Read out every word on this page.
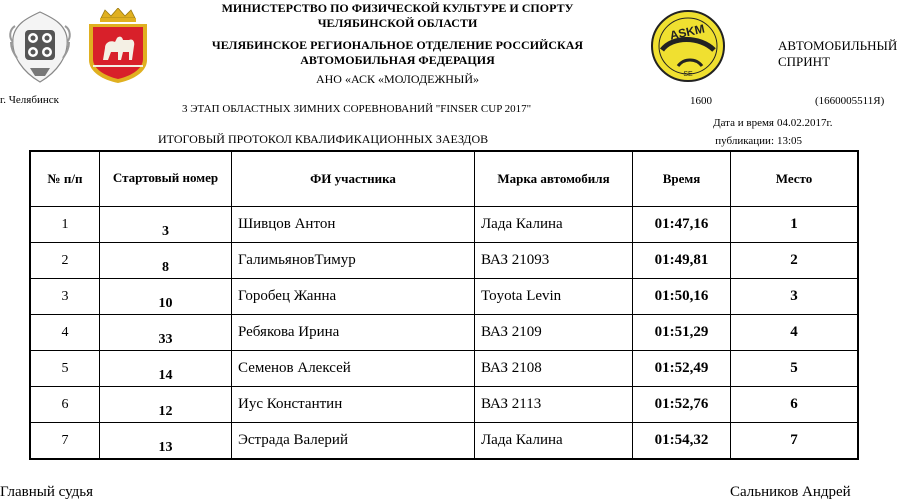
ASKM
SE
МИНИСТЕРСТВО ПО ФИЗИЧЕСКОЙ КУЛЬТУРЕ И СПОРТУ
ЧЕЛЯБИНСКОЙ ОБЛАСТИ
ЧЕЛЯБИНСКОЕ РЕГИОНАЛЬНОЕ ОТДЕЛЕНИЕ РОССИЙСКАЯ
АВТОМОБИЛЬНАЯ ФЕДЕРАЦИЯ
АНО «АСК «МОЛОДЕЖНЫЙ»
АВТОМОБИЛЬНЫЙ
СПРИНТ
г. Челябинск
3 ЭТАП ОБЛАСТНЫХ ЗИМНИХ СОРЕВНОВАНИЙ "FINSER CUP 2017"
1600	(1660005511Я)
Дата и время
публикации:
04.02.2017г.
13:05
ИТОГОВЫЙ ПРОТОКОЛ КВАЛИФИКАЦИОННЫХ ЗАЕЗДОВ
№ п/п	Стартовый номер	ФИ участника	Марка автомобиля	Время	Место
1	3	Шивцов Антон	Лада Калина	01:47,16	1
2	8	ГалимьяновТимур	ВАЗ 21093	01:49,81	2
3	10	Горобец Жанна	Toyota Levin	01:50,16	3
4	33	Ребякова Ирина	ВАЗ 2109	01:51,29	4
5	14	Семенов Алексей	ВАЗ 2108	01:52,49	5
6	12	Иус Константин	ВАЗ 2113	01:52,76	6
7	13	Эстрада Валерий	Лада Калина	01:54,32	7
Главный судья	Сальников Андрей
